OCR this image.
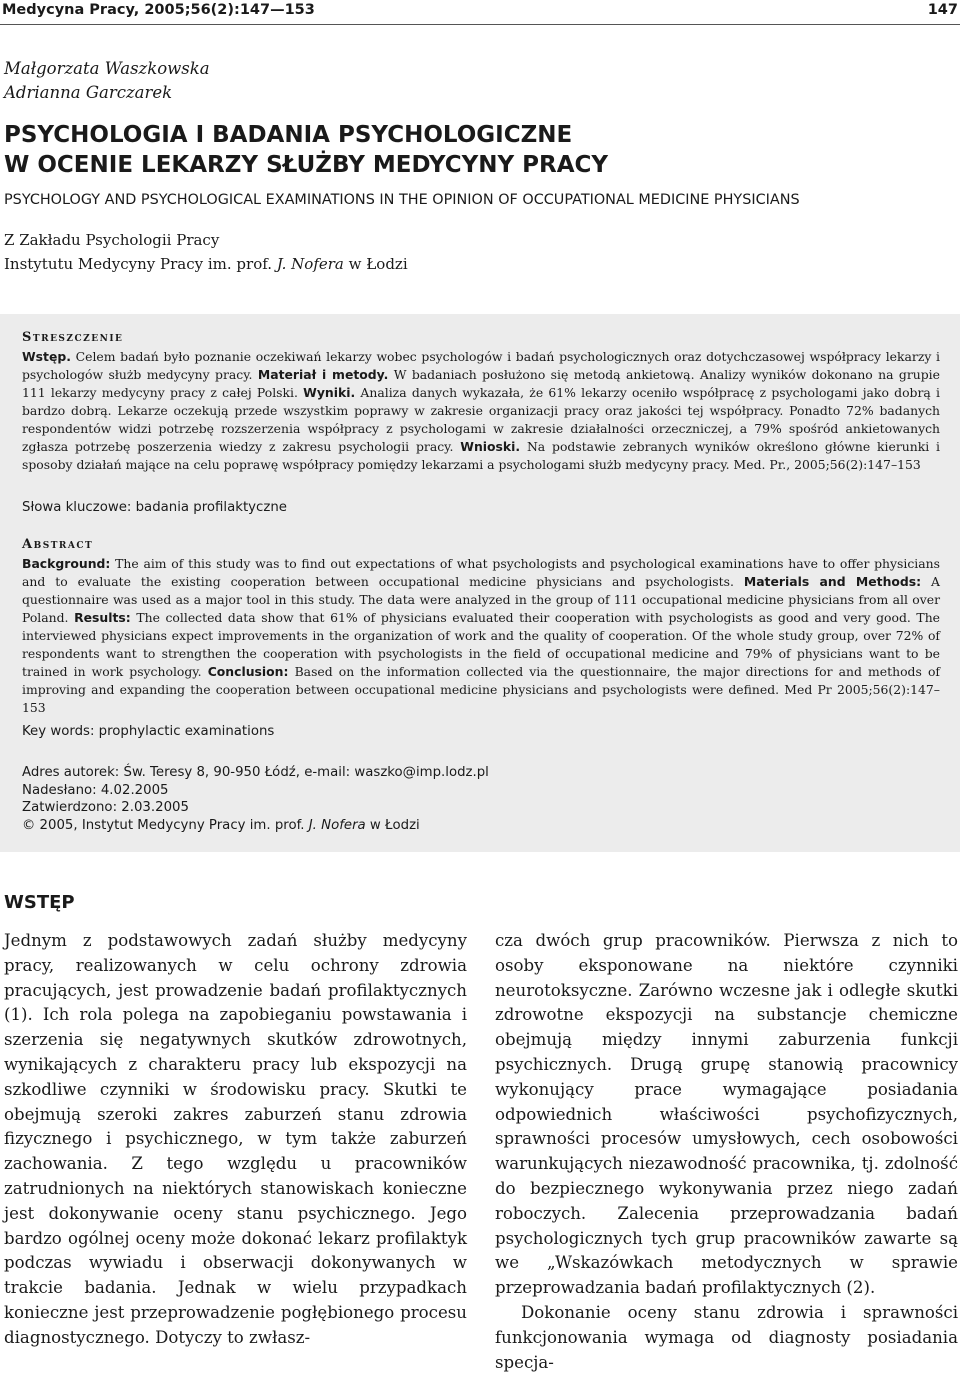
Medycyna Pracy, 2005;56(2):147—153	147
Małgorzata Waszkowska
Adrianna Garczarek
PSYCHOLOGIA I BADANIA PSYCHOLOGICZNE
W OCENIE LEKARZY SŁUŻBY MEDYCYNY PRACY
PSYCHOLOGY AND PSYCHOLOGICAL EXAMINATIONS IN THE OPINION OF OCCUPATIONAL MEDICINE PHYSICIANS
Z Zakładu Psychologii Pracy
Instytutu Medycyny Pracy im. prof. J. Nofera w Łodzi
Streszczenie
Wstęp. Celem badań było poznanie oczekiwań lekarzy wobec psychologów i badań psychologicznych oraz dotychczasowej współpracy lekarzy i psychologów służb medycyny pracy. Materiał i metody. W badaniach posłużono się metodą ankietową. Analizy wyników dokonano na grupie 111 lekarzy medycyny pracy z całej Polski. Wyniki. Analiza danych wykazała, że 61% lekarzy oceniło współpracę z psychologami jako dobrą i bardzo dobrą. Lekarze oczekują przede wszystkim poprawy w zakresie organizacji pracy oraz jakości tej współpracy. Ponadto 72% badanych respondentów widzi potrzebę rozszerzenia współpracy z psychologami w zakresie działalności orzeczniczej, a 79% spośród ankietowanych zgłasza potrzebę poszerzenia wiedzy z zakresu psychologii pracy. Wnioski. Na podstawie zebranych wyników określono główne kierunki i sposoby działań mające na celu poprawę współpracy pomiędzy lekarzami a psychologami służb medycyny pracy. Med. Pr., 2005;56(2):147–153
Słowa kluczowe: badania profilaktyczne
Abstract
Background: The aim of this study was to find out expectations of what psychologists and psychological examinations have to offer physicians and to evaluate the existing cooperation between occupational medicine physicians and psychologists. Materials and Methods: A questionnaire was used as a major tool in this study. The data were analyzed in the group of 111 occupational medicine physicians from all over Poland. Results: The collected data show that 61% of physicians evaluated their cooperation with psychologists as good and very good. The interviewed physicians expect improvements in the organization of work and the quality of cooperation. Of the whole study group, over 72% of respondents want to strengthen the cooperation with psychologists in the field of occupational medicine and 79% of physicians want to be trained in work psychology. Conclusion: Based on the information collected via the questionnaire, the major directions for and methods of improving and expanding the cooperation between occupational medicine physicians and psychologists were defined. Med Pr 2005;56(2):147–153
Key words: prophylactic examinations
Adres autorek: Św. Teresy 8, 90-950 Łódź, e-mail: waszko@imp.lodz.pl
Nadesłano: 4.02.2005
Zatwierdzono: 2.03.2005
© 2005, Instytut Medycyny Pracy im. prof. J. Nofera w Łodzi
WSTĘP

Jednym z podstawowych zadań służby medycyny pracy, realizowanych w celu ochrony zdrowia pracujących, jest prowadzenie badań profilaktycznych (1). Ich rola polega na zapobieganiu powstawania i szerzenia się negatywnych skutków zdrowotnych, wynikających z charakteru pracy lub ekspozycji na szkodliwe czynniki w środowisku pracy. Skutki te obejmują szeroki zakres zaburzeń stanu zdrowia fizycznego i psychicznego, w tym także zaburzeń zachowania. Z tego względu u pracowników zatrudnionych na niektórych stanowiskach konieczne jest dokonywanie oceny stanu psychicznego. Jego bardzo ogólnej oceny może dokonać lekarz profilaktyk podczas wywiadu i obserwacji dokonywanych w trakcie badania. Jednak w wielu przypadkach konieczne jest przeprowadzenie pogłębionego procesu diagnostycznego. Dotyczy to zwłasz-

cza dwóch grup pracowników. Pierwsza z nich to osoby eksponowane na niektóre czynniki neurotoksyczne. Zarówno wczesne jak i odległe skutki zdrowotne ekspozycji na substancje chemiczne obejmują między innymi zaburzenia funkcji psychicznych. Drugą grupę stanowią pracownicy wykonujący prace wymagające posiadania odpowiednich właściwości psychofizycznych, sprawności procesów umysłowych, cech osobowości warunkujących niezawodność pracownika, tj. zdolność do bezpiecznego wykonywania przez niego zadań roboczych. Zalecenia przeprowadzania badań psychologicznych tych grup pracowników zawarte są we „Wskazówkach metodycznych w sprawie przeprowadzania badań profilaktycznych (2).

Dokonanie oceny stanu zdrowia i sprawności funkcjonowania wymaga od diagnosty posiadania specja-
